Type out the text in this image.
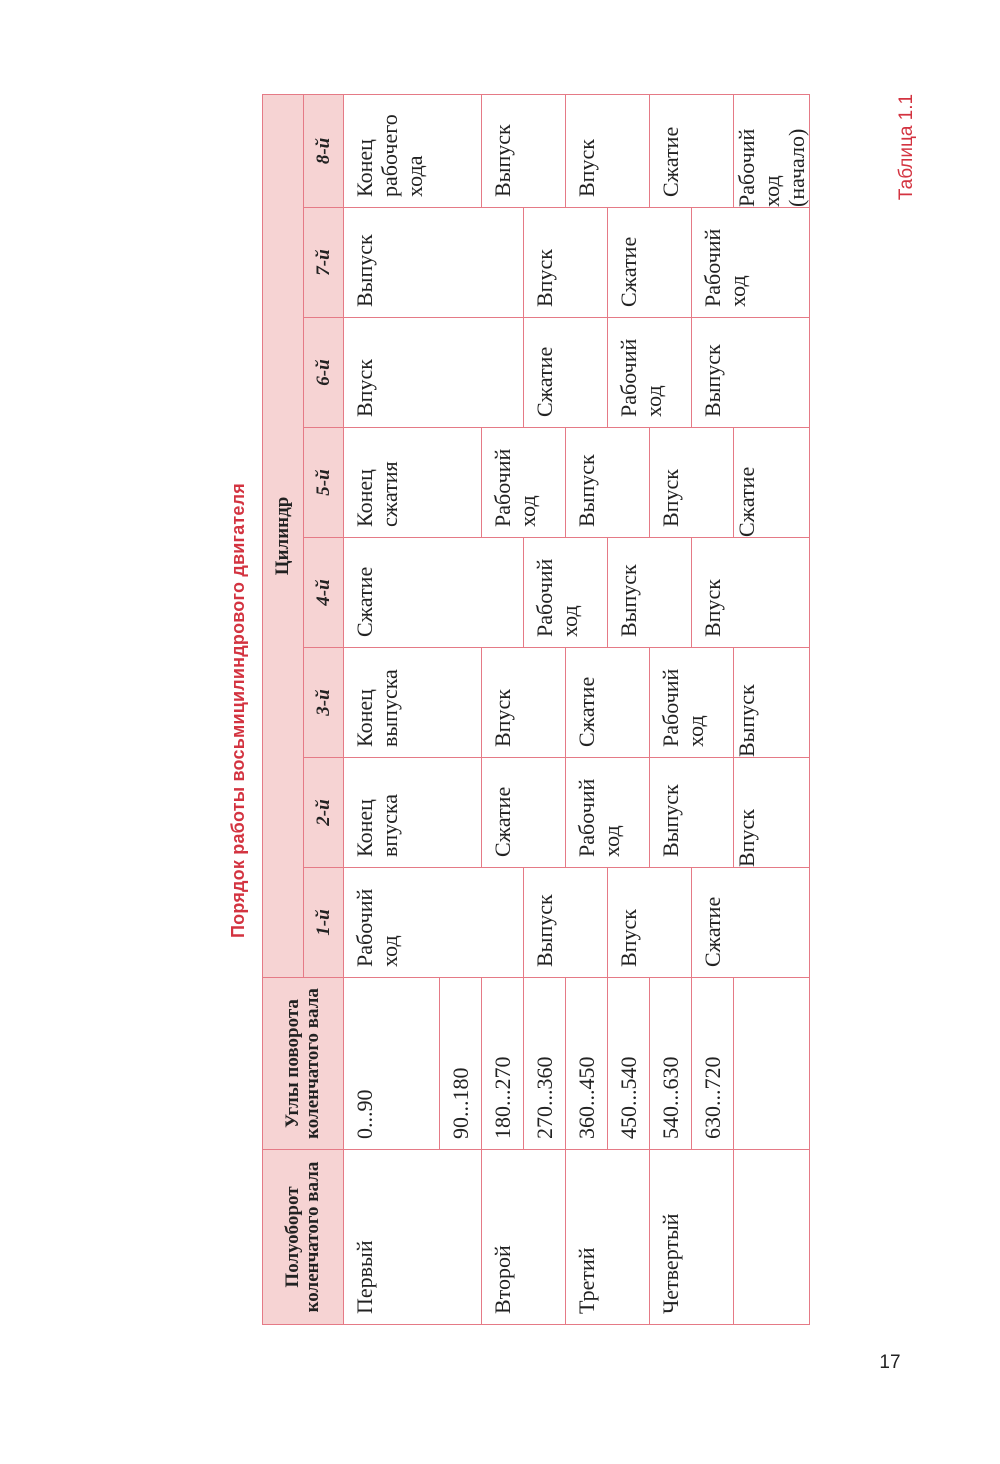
Таблица 1.1
Порядок работы восьмицилиндрового двигателя
Полуоборот коленчатого вала	Углы поворота коленчатого вала	Цилиндр							
		1-й	2-й	3-й	4-й	5-й	6-й	7-й	8-й
Первый	0...90	Рабочий ход	Конец впуска	Конец выпуска	Сжатие	Конец сжатия	Впуск	Выпуск	Конец рабочего хода
	90...180								
Второй	180...270		Сжатие	Впуск		Рабочий ход			Выпуск
	270...360	Выпуск			Рабочий ход		Сжатие	Впуск	
Третий	360...450		Рабочий ход	Сжатие		Выпуск			Впуск
	450...540	Впуск			Выпуск		Рабочий ход	Сжатие	
Четвертый	540...630		Выпуск	Рабочий ход		Впуск			Сжатие
	630...720	Сжатие			Впуск		Выпуск	Рабочий ход	
			Впуск	Выпуск		Сжатие			Рабочий ход (начало)
17
